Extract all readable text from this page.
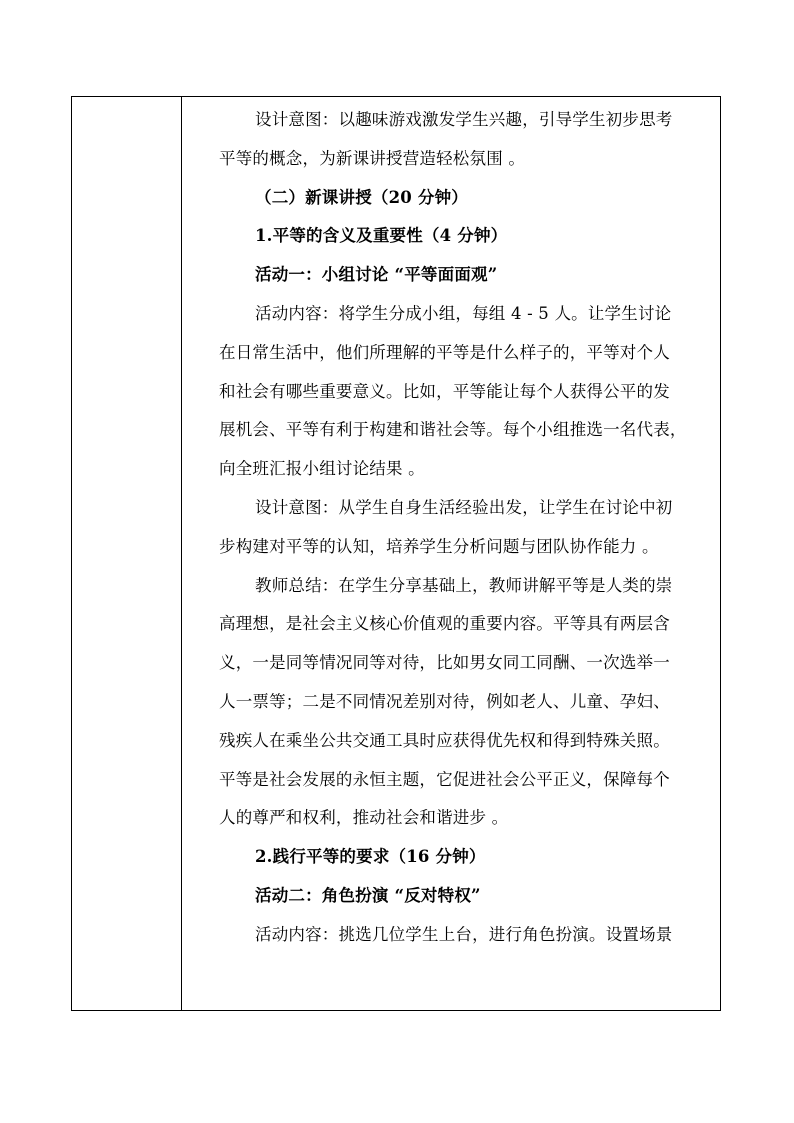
设计意图：以趣味游戏激发学生兴趣，引导学生初步思考
平等的概念，为新课讲授营造轻松氛围 。
（二）新课讲授（20 分钟）
1.平等的含义及重要性（4 分钟）
活动一：小组讨论 “平等面面观”
活动内容：将学生分成小组，每组 4 - 5 人。让学生讨论
在日常生活中，他们所理解的平等是什么样子的，平等对个人
和社会有哪些重要意义。比如，平等能让每个人获得公平的发
展机会、平等有利于构建和谐社会等。每个小组推选一名代表，
向全班汇报小组讨论结果 。
设计意图：从学生自身生活经验出发，让学生在讨论中初
步构建对平等的认知，培养学生分析问题与团队协作能力 。
教师总结：在学生分享基础上，教师讲解平等是人类的崇
高理想，是社会主义核心价值观的重要内容。平等具有两层含
义，一是同等情况同等对待，比如男女同工同酬、一次选举一
人一票等；二是不同情况差别对待，例如老人、儿童、孕妇、
残疾人在乘坐公共交通工具时应获得优先权和得到特殊关照。
平等是社会发展的永恒主题，它促进社会公平正义，保障每个
人的尊严和权利，推动社会和谐进步 。
2.践行平等的要求（16 分钟）
活动二：角色扮演 “反对特权”
活动内容：挑选几位学生上台，进行角色扮演。设置场景
